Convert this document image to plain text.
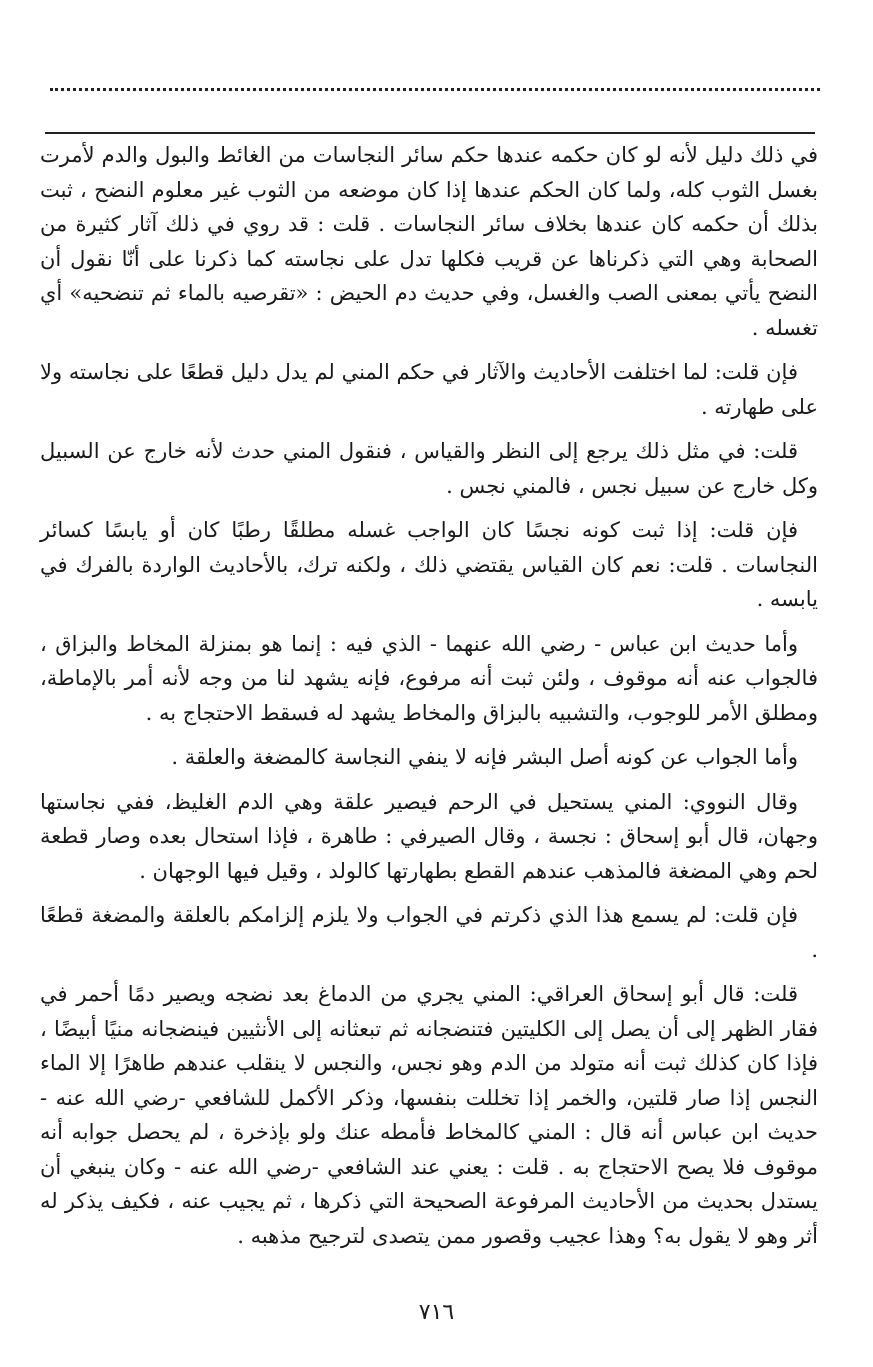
في ذلك دليل لأنه لو كان حكمه عندها حكم سائر النجاسات من الغائط والبول والدم لأمرت بغسل الثوب كله، ولما كان الحكم عندها إذا كان موضعه من الثوب غير معلوم النضح ، ثبت بذلك أن حكمه كان عندها بخلاف سائر النجاسات . قلت : قد روي في ذلك آثار كثيرة من الصحابة وهي التي ذكرناها عن قريب فكلها تدل على نجاسته كما ذكرنا على أنّا نقول أن النضح يأتي بمعنى الصب والغسل، وفي حديث دم الحيض : «تقرصيه بالماء ثم تنضحيه» أي تغسله .

فإن قلت: لما اختلفت الأحاديث والآثار في حكم المني لم يدل دليل قطعًا على نجاسته ولا على طهارته .

قلت: في مثل ذلك يرجع إلى النظر والقياس ، فنقول المني حدث لأنه خارج عن السبيل وكل خارج عن سبيل نجس ، فالمني نجس .

فإن قلت: إذا ثبت كونه نجسًا كان الواجب غسله مطلقًا رطبًا كان أو يابسًا كسائر النجاسات . قلت: نعم كان القياس يقتضي ذلك ، ولكنه ترك، بالأحاديث الواردة بالفرك في يابسه .

وأما حديث ابن عباس - رضي الله عنهما - الذي فيه : إنما هو بمنزلة المخاط والبزاق ، فالجواب عنه أنه موقوف ، ولئن ثبت أنه مرفوع، فإنه يشهد لنا من وجه لأنه أمر بالإماطة، ومطلق الأمر للوجوب، والتشبيه بالبزاق والمخاط يشهد له فسقط الاحتجاج به .

وأما الجواب عن كونه أصل البشر فإنه لا ينفي النجاسة كالمضغة والعلقة .

وقال النووي: المني يستحيل في الرحم فيصير علقة وهي الدم الغليظ، ففي نجاستها وجهان، قال أبو إسحاق : نجسة ، وقال الصيرفي : طاهرة ، فإذا استحال بعده وصار قطعة لحم وهي المضغة فالمذهب عندهم القطع بطهارتها كالولد ، وقيل فيها الوجهان .

فإن قلت: لم يسمع هذا الذي ذكرتم في الجواب ولا يلزم إلزامكم بالعلقة والمضغة قطعًا .

قلت: قال أبو إسحاق العراقي: المني يجري من الدماغ بعد نضجه ويصير دمًا أحمر في فقار الظهر إلى أن يصل إلى الكليتين فتنضجانه ثم تبعثانه إلى الأنثيين فينضجانه منيًا أبيضًا ، فإذا كان كذلك ثبت أنه متولد من الدم وهو نجس، والنجس لا ينقلب عندهم طاهرًا إلا الماء النجس إذا صار قلتين، والخمر إذا تخللت بنفسها، وذكر الأكمل للشافعي -رضي الله عنه - حديث ابن عباس أنه قال : المني كالمخاط فأمطه عنك ولو بإذخرة ، لم يحصل جوابه أنه موقوف فلا يصح الاحتجاج به . قلت : يعني عند الشافعي -رضي الله عنه - وكان ينبغي أن يستدل بحديث من الأحاديث المرفوعة الصحيحة التي ذكرها ، ثم يجيب عنه ، فكيف يذكر له أثر وهو لا يقول به؟ وهذا عجيب وقصور ممن يتصدى لترجيح مذهبه .

٧١٦
